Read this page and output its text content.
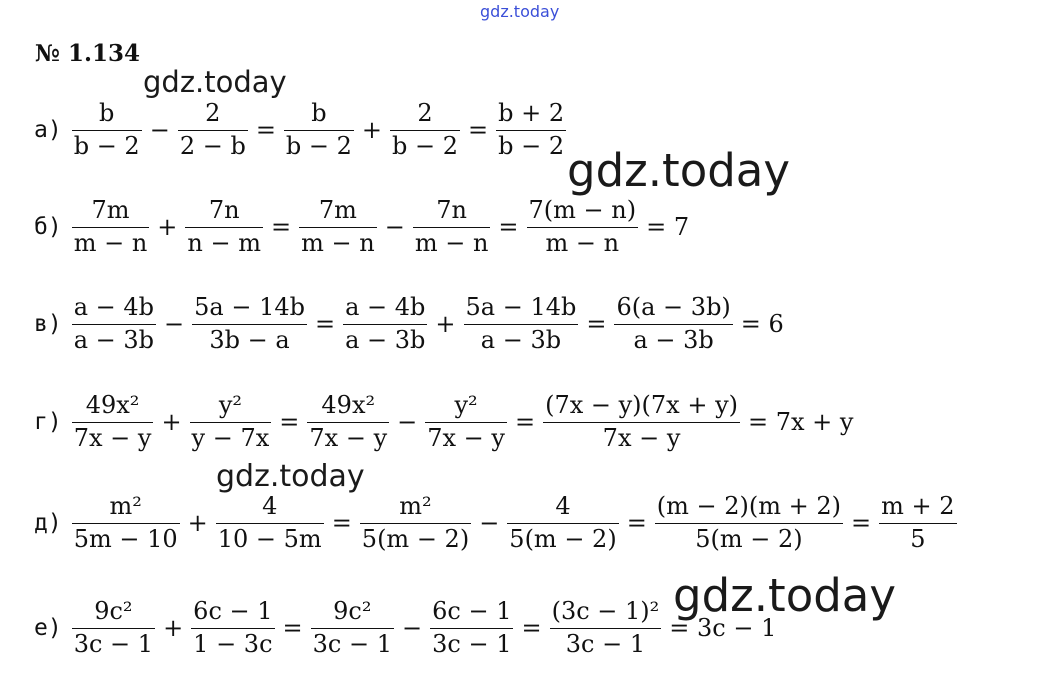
gdz.today
№ 1.134
$а) \frac{b}{b - 2} - \frac{2}{2 - b} = \frac{b}{b - 2} + \frac{2}{b - 2} = \frac{b + 2}{b - 2}$
$б) \frac{7m}{m - n} + \frac{7n}{n - m} = \frac{7m}{m - n} - \frac{7n}{m - n} = \frac{7(m - n)}{m - n} = 7$
$в) \frac{a - 4b}{a - 3b} - \frac{5a - 14b}{3b - a} = \frac{a - 4b}{a - 3b} + \frac{5a - 14b}{a - 3b} = \frac{6(a - 3b)}{a - 3b} = 6$
$г) \frac{\text{49x²}}{7x - y} + \frac{\text{y²}}{y - 7x} = \frac{\text{49x²}}{7x - y} - \frac{\text{y²}}{7x - y} = \frac{(7x - y)(7x + y)}{7x - y} = 7x + y$
$д) \frac{\text{m²}}{5m - 10} + \frac{4}{10 - 5m} = \frac{\text{m²}}{5(m - 2)} - \frac{4}{5(m - 2)} = \frac{(m - 2)(m + 2)}{5(m - 2)} = \frac{m + 2}{5}$
$е) \frac{\text{9c²}}{3c - 1} + \frac{6c - 1}{1 - 3c} = \frac{\text{9c²}}{3c - 1} - \frac{6c - 1}{3c - 1} = \frac{\text{(3c − 1)²}}{3c - 1} = 3c - 1$
gdz.today
gdz.today
gdz.today
gdz.today
